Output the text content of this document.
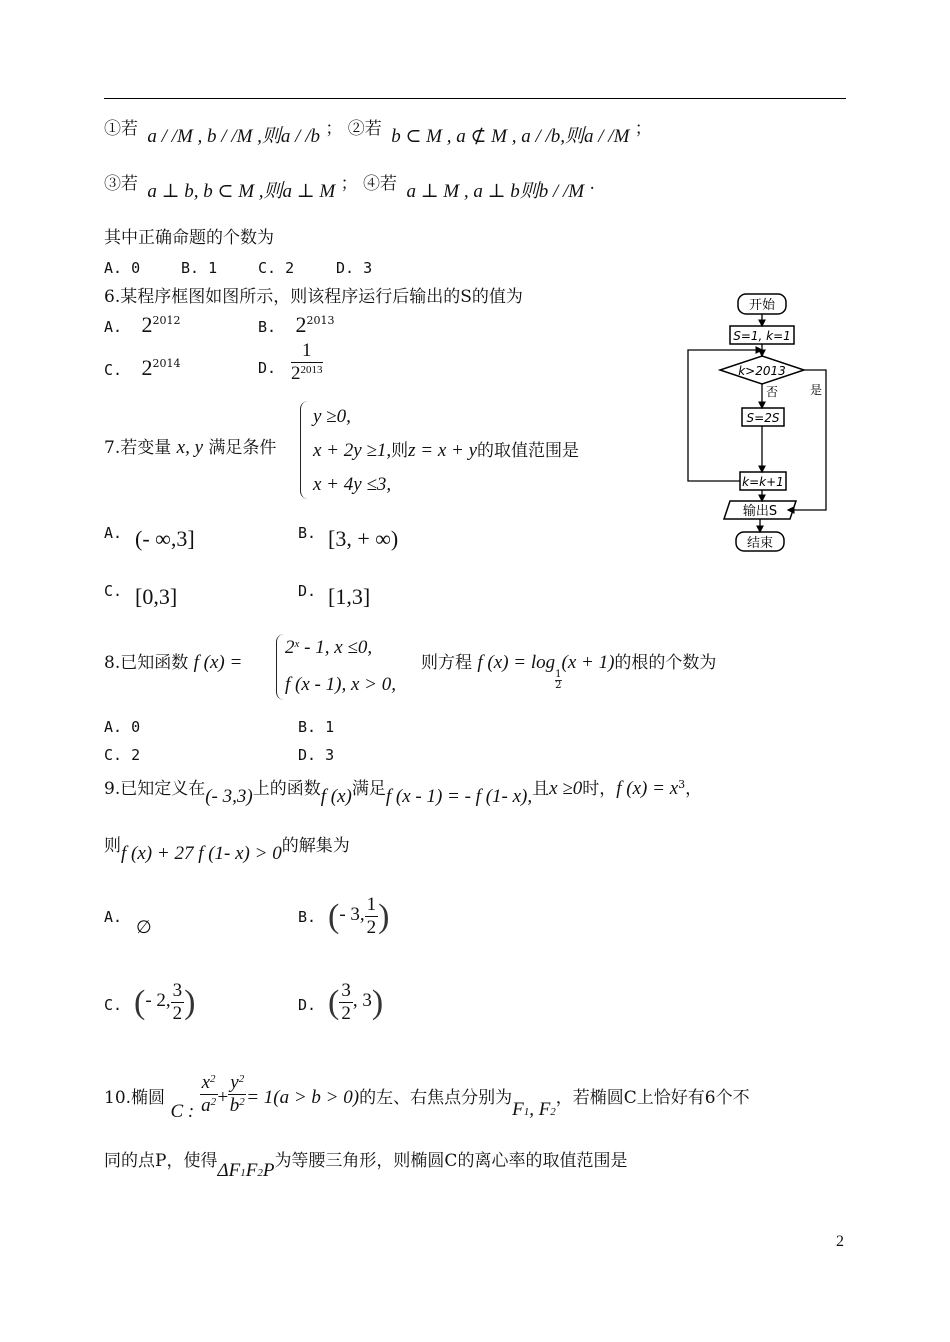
①若 a / /M , b / /M ,则a / /b ； ②若 b ⊂ M , a ⊄ M , a / /b,则a / /M ；
③若 a ⊥ b, b ⊂ M ,则a ⊥ M ； ④若 a ⊥ M , a ⊥ b则b / /M .
其中正确命题的个数为
A. 0	B. 1	C. 2	D. 3
6.某程序框图如图所示，则该程序运行后输出的S的值为
A. $2^{2012}$	B. $2^{2013}$
C. $2^{2014}$	D. $\frac{1}{2^{2013}}$
开始
S=1, k=1
k>2013
否
S=2S
k=k+1
是
输出S
结束
7.若变量 x, y 满足条件
y ≥0,
x + 2y ≥1,则z = x + y的取值范围是
x + 4y ≤3,
A. (- ∞,3]	B. [3, + ∞)
C. [0,3]	D. [1,3]
8.已知函数 f (x) =
$2^x - 1$, x ≤0,
f (x - 1), x > 0,
则方程 f (x) = log
$\frac{1}{2}$
(x + 1)的根的个数为
A. 0	B. 1
C. 2	D. 3
9.已知定义在(- 3,3)上的函数f (x)满足f (x - 1) = - f (1- x),且x ≥0时，f $(x) = x^3$，
则f (x) + 27 f (1- x) > 0的解集为
A. ∅	B. (- 3, $\frac{1}{2}$ )
C. (- 2, $\frac{3}{2}$ )	D. ( $\frac{3}{2}$ , 3)
10.椭圆 C : $\frac{x^2}{a^2} + \frac{y^2}{b^2} = 1(a > b > 0)$的左、右焦点分别为F1, F2，若椭圆C上恰好有6个不
同的点P，使得ΔF1F2P为等腰三角形，则椭圆C的离心率的取值范围是
2
